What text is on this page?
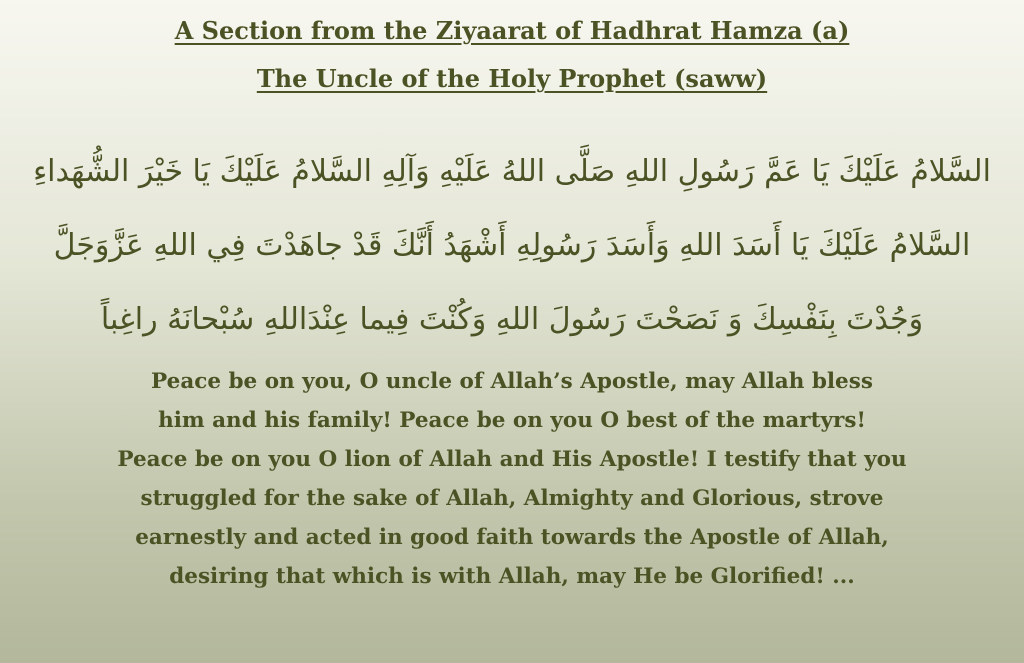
A Section from the Ziyaarat of Hadhrat Hamza (a)
The Uncle of the Holy Prophet (saww)
السَّلامُ عَلَيْكَ يَا عَمَّ رَسُولِ اللهِ صَلَّى اللهُ عَلَيْهِ وَآلِهِ السَّلامُ عَلَيْكَ يَا خَيْرَ الشُّهَداءِ
السَّلامُ عَلَيْكَ يَا أَسَدَ اللهِ وَأَسَدَ رَسُولِهِ أَشْهَدُ أَنَّكَ قَدْ جاهَدْتَ فِي اللهِ عَزَّوَجَلَّ
وَجُدْتَ بِنَفْسِكَ وَ نَصَحْتَ رَسُولَ اللهِ وَكُنْتَ فِيما عِنْدَاللهِ سُبْحانَهُ راغِباً
Peace be on you, O uncle of Allah’s Apostle, may Allah bless
him and his family! Peace be on you O best of the martyrs!
Peace be on you O lion of Allah and His Apostle! I testify that you
struggled for the sake of Allah, Almighty and Glorious, strove
earnestly and acted in good faith towards the Apostle of Allah,
desiring that which is with Allah, may He be Glorified! ...
